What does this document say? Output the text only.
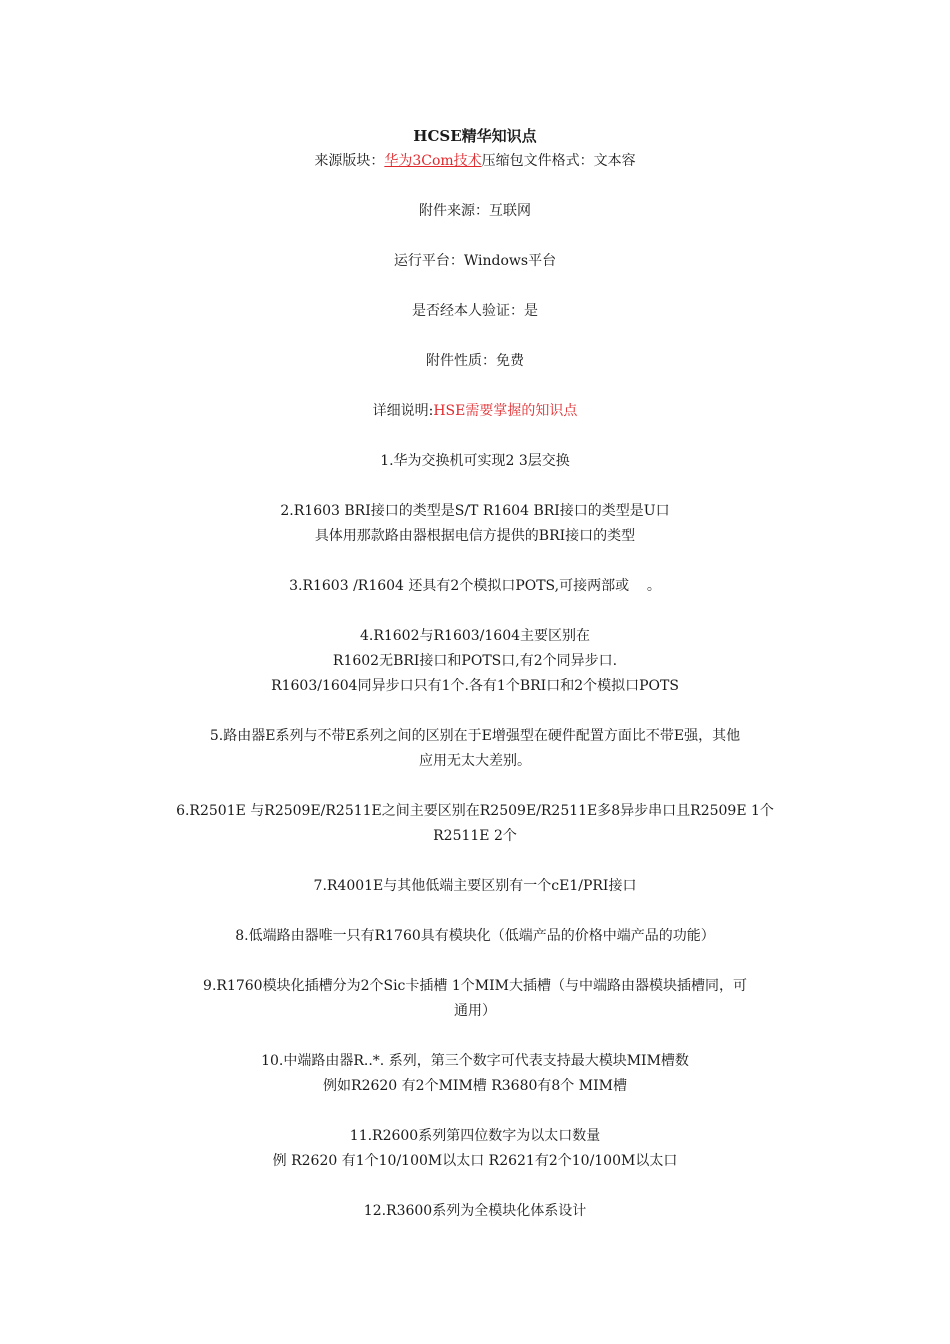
HCSE精华知识点

来源版块：华为3Com技术压缩包文件格式：文本容

附件来源：互联网

运行平台：Windows平台

是否经本人验证：是

附件性质：免费

详细说明:HSE需要掌握的知识点

1.华为交换机可实现2 3层交换

2.R1603 BRI接口的类型是S/T R1604 BRI接口的类型是U口

具体用那款路由器根据电信方提供的BRI接口的类型

3.R1603 /R1604 还具有2个模拟口POTS,可接两部或    。

4.R1602与R1603/1604主要区别在

R1602无BRI接口和POTS口,有2个同异步口.

R1603/1604同异步口只有1个.各有1个BRI口和2个模拟口POTS

5.路由器E系列与不带E系列之间的区别在于E增强型在硬件配置方面比不带E强，其他

应用无太大差别。

6.R2501E 与R2509E/R2511E之间主要区别在R2509E/R2511E多8异步串口且R2509E 1个

R2511E 2个

7.R4001E与其他低端主要区别有一个cE1/PRI接口

8.低端路由器唯一只有R1760具有模块化（低端产品的价格中端产品的功能）

9.R1760模块化插槽分为2个Sic卡插槽 1个MIM大插槽（与中端路由器模块插槽同，可

通用）

10.中端路由器R..*. 系列，第三个数字可代表支持最大模块MIM槽数

例如R2620 有2个MIM槽 R3680有8个 MIM槽

11.R2600系列第四位数字为以太口数量

例 R2620 有1个10/100M以太口 R2621有2个10/100M以太口

12.R3600系列为全模块化体系设计
